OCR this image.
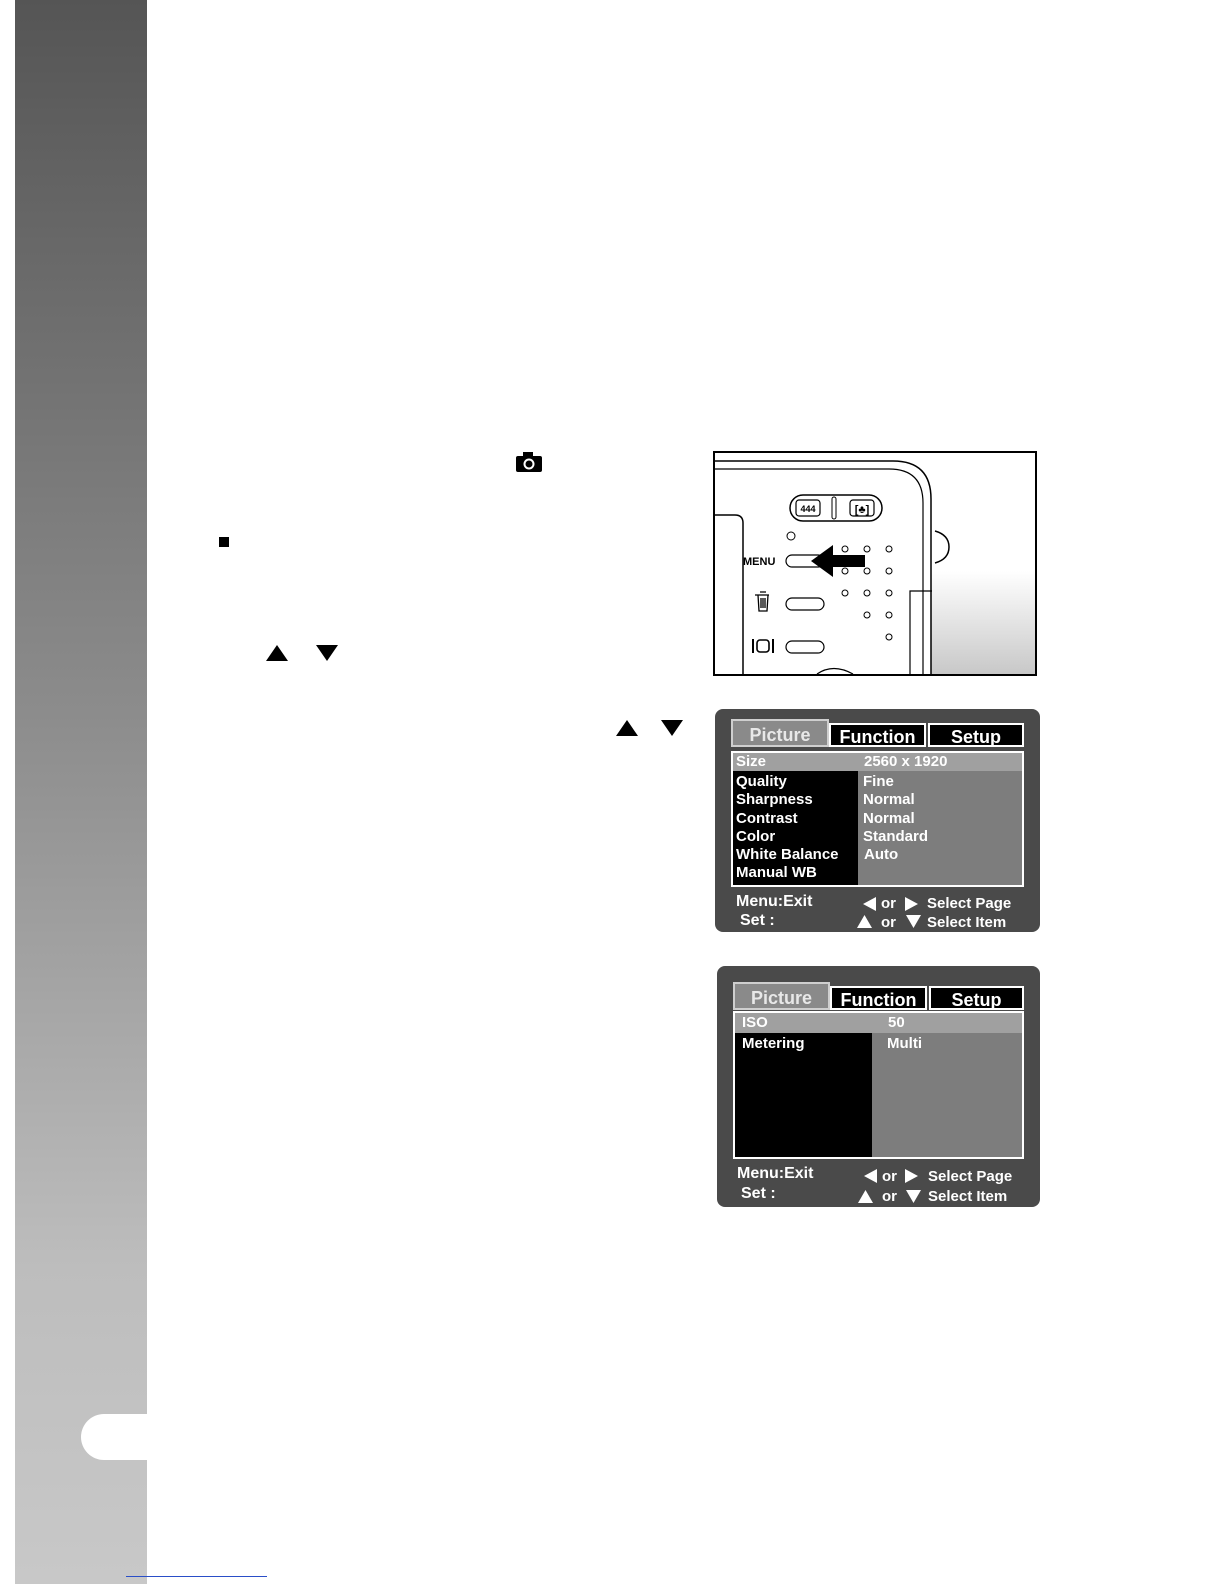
444	[♣]
MENU
Picture	Function	Setup
Size	2560 x 1920
Quality	Fine
Sharpness	Normal
Contrast	Normal
Color	Standard
White Balance Auto
Manual WB
Menu:Exit
Set :
or Select Page
or Select Item
Picture	Function	Setup
ISO	50
Metering	Multi
Menu:Exit
Set :
or Select Page
or Select Item
